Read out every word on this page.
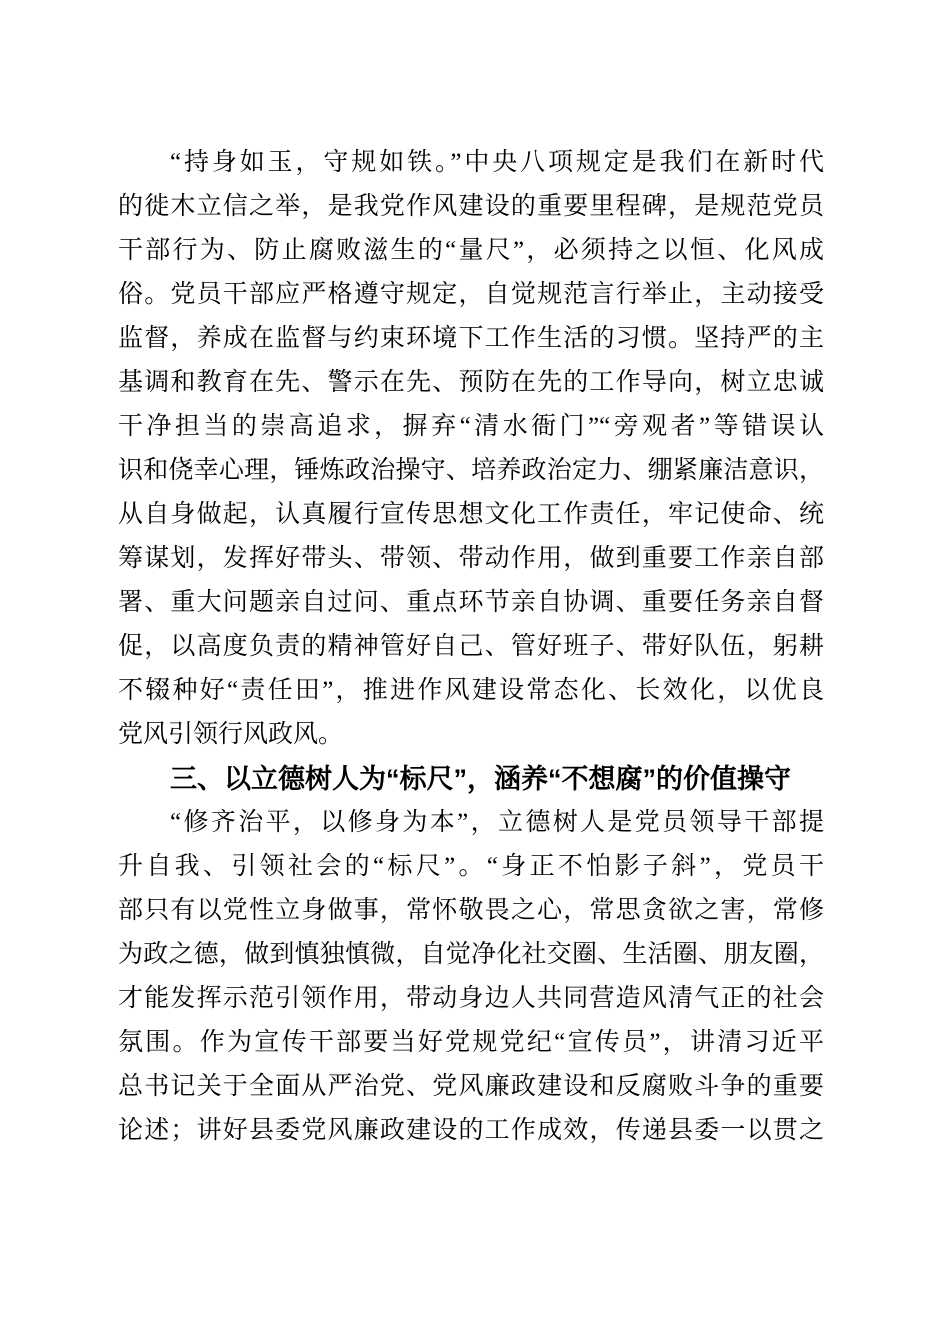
“持身如玉，守规如铁。”中央八项规定是我们在新时代
的徙木立信之举，是我党作风建设的重要里程碑，是规范党员
干部行为、防止腐败滋生的“量尺”，必须持之以恒、化风成
俗。党员干部应严格遵守规定，自觉规范言行举止，主动接受
监督，养成在监督与约束环境下工作生活的习惯。坚持严的主
基调和教育在先、警示在先、预防在先的工作导向，树立忠诚
干净担当的崇高追求，摒弃“清水衙门”“旁观者”等错误认
识和侥幸心理，锤炼政治操守、培养政治定力、绷紧廉洁意识，
从自身做起，认真履行宣传思想文化工作责任，牢记使命、统
筹谋划，发挥好带头、带领、带动作用，做到重要工作亲自部
署、重大问题亲自过问、重点环节亲自协调、重要任务亲自督
促，以高度负责的精神管好自己、管好班子、带好队伍，躬耕
不辍种好“责任田”，推进作风建设常态化、长效化，以优良
党风引领行风政风。
三、以立德树人为“标尺”，涵养“不想腐”的价值操守
“修齐治平，以修身为本”，立德树人是党员领导干部提
升自我、引领社会的“标尺”。“身正不怕影子斜”，党员干
部只有以党性立身做事，常怀敬畏之心，常思贪欲之害，常修
为政之德，做到慎独慎微，自觉净化社交圈、生活圈、朋友圈，
才能发挥示范引领作用，带动身边人共同营造风清气正的社会
氛围。作为宣传干部要当好党规党纪“宣传员”，讲清习近平
总书记关于全面从严治党、党风廉政建设和反腐败斗争的重要
论述；讲好县委党风廉政建设的工作成效，传递县委一以贯之
